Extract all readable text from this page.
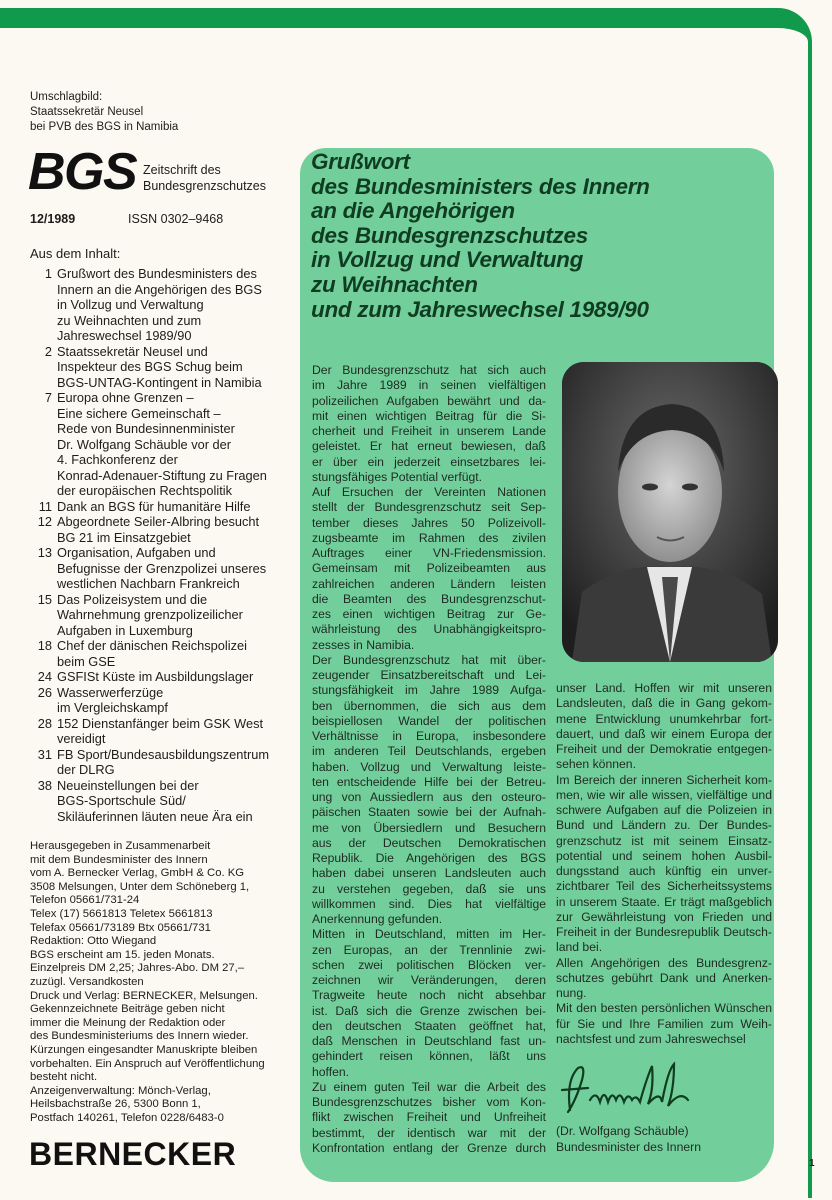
Umschlagbild:
Staatssekretär Neusel
bei PVB des BGS in Namibia
BGS Zeitschrift des
Bundesgrenzschutzes
12/1989	ISSN 0302–9468
Aus dem Inhalt:
1 Grußwort des Bundesministers des
Innern an die Angehörigen des BGS
in Vollzug und Verwaltung
zu Weihnachten und zum
Jahreswechsel 1989/90
2 Staatssekretär Neusel und
Inspekteur des BGS Schug beim
BGS-UNTAG-Kontingent in Namibia
7 Europa ohne Grenzen –
Eine sichere Gemeinschaft –
Rede von Bundesinnenminister
Dr. Wolfgang Schäuble vor der
4. Fachkonferenz der
Konrad-Adenauer-Stiftung zu Fragen
der europäischen Rechtspolitik
11 Dank an BGS für humanitäre Hilfe
12 Abgeordnete Seiler-Albring besucht
BG 21 im Einsatzgebiet
13 Organisation, Aufgaben und
Befugnisse der Grenzpolizei unseres
westlichen Nachbarn Frankreich
15 Das Polizeisystem und die
Wahrnehmung grenzpolizeilicher
Aufgaben in Luxemburg
18 Chef der dänischen Reichspolizei
beim GSE
24 GSFISt Küste im Ausbildungslager
26 Wasserwerferzüge
im Vergleichskampf
28 152 Dienstanfänger beim GSK West
vereidigt
31 FB Sport/Bundesausbildungszentrum
der DLRG
38 Neueinstellungen bei der
BGS-Sportschule Süd/
Skiläuferinnen läuten neue Ära ein
Herausgegeben in Zusammenarbeit
mit dem Bundesminister des Innern
vom A. Bernecker Verlag, GmbH & Co. KG
3508 Melsungen, Unter dem Schöneberg 1,
Telefon 05661/731-24
Telex (17) 5661813 Teletex 5661813
Telefax 05661/73189 Btx 05661/731
Redaktion: Otto Wiegand
BGS erscheint am 15. jeden Monats.
Einzelpreis DM 2,25; Jahres-Abo. DM 27,–
zuzügl. Versandkosten
Druck und Verlag: BERNECKER, Melsungen.
Gekennzeichnete Beiträge geben nicht
immer die Meinung der Redaktion oder
des Bundesministeriums des Innern wieder.
Kürzungen eingesandter Manuskripte bleiben
vorbehalten. Ein Anspruch auf Veröffentlichung
besteht nicht.
Anzeigenverwaltung: Mönch-Verlag,
Heilsbachstraße 26, 5300 Bonn 1,
Postfach 140261, Telefon 0228/6483-0
BERNECKER
Grußwort
des Bundesministers des Innern
an die Angehörigen
des Bundesgrenzschutzes
in Vollzug und Verwaltung
zu Weihnachten
und zum Jahreswechsel 1989/90
Der Bundesgrenzschutz hat sich auch
im Jahre 1989 in seinen vielfältigen
polizeilichen Aufgaben bewährt und da-
mit einen wichtigen Beitrag für die Si-
cherheit und Freiheit in unserem Lande
geleistet. Er hat erneut bewiesen, daß
er über ein jederzeit einsetzbares lei-
stungsfähiges Potential verfügt.
Auf Ersuchen der Vereinten Nationen
stellt der Bundesgrenzschutz seit Sep-
tember dieses Jahres 50 Polizeivoll-
zugsbeamte im Rahmen des zivilen
Auftrages einer VN-Friedensmission.
Gemeinsam mit Polizeibeamten aus
zahlreichen anderen Ländern leisten
die Beamten des Bundesgrenzschut-
zes einen wichtigen Beitrag zur Ge-
währleistung des Unabhängigkeitspro-
zesses in Namibia.
Der Bundesgrenzschutz hat mit über-
zeugender Einsatzbereitschaft und Lei-
stungsfähigkeit im Jahre 1989 Aufga-
ben übernommen, die sich aus dem
beispiellosen Wandel der politischen
Verhältnisse in Europa, insbesondere
im anderen Teil Deutschlands, ergeben
haben. Vollzug und Verwaltung leiste-
ten entscheidende Hilfe bei der Betreu-
ung von Aussiedlern aus den osteuro-
päischen Staaten sowie bei der Aufnah-
me von Übersiedlern und Besuchern
aus der Deutschen Demokratischen
Republik. Die Angehörigen des BGS
haben dabei unseren Landsleuten auch
zu verstehen gegeben, daß sie uns
willkommen sind. Dies hat vielfältige
Anerkennung gefunden.
Mitten in Deutschland, mitten im Her-
zen Europas, an der Trennlinie zwi-
schen zwei politischen Blöcken ver-
zeichnen wir Veränderungen, deren
Tragweite heute noch nicht absehbar
ist. Daß sich die Grenze zwischen bei-
den deutschen Staaten geöffnet hat,
daß Menschen in Deutschland fast un-
gehindert reisen können, läßt uns
hoffen.
Zu einem guten Teil war die Arbeit des
Bundesgrenzschutzes bisher vom Kon-
flikt zwischen Freiheit und Unfreiheit
bestimmt, der identisch war mit der
Konfrontation entlang der Grenze durch
unser Land. Hoffen wir mit unseren
Landsleuten, daß die in Gang gekom-
mene Entwicklung unumkehrbar fort-
dauert, und daß wir einem Europa der
Freiheit und der Demokratie entgegen-
sehen können.
Im Bereich der inneren Sicherheit kom-
men, wie wir alle wissen, vielfältige und
schwere Aufgaben auf die Polizeien in
Bund und Ländern zu. Der Bundes-
grenzschutz ist mit seinem Einsatz-
potential und seinem hohen Ausbil-
dungsstand auch künftig ein unver-
zichtbarer Teil des Sicherheitssystems
in unserem Staate. Er trägt maßgeblich
zur Gewährleistung von Frieden und
Freiheit in der Bundesrepublik Deutsch-
land bei.
Allen Angehörigen des Bundesgrenz-
schutzes gebührt Dank und Anerken-
nung.
Mit den besten persönlichen Wünschen
für Sie und Ihre Familien zum Weih-
nachtsfest und zum Jahreswechsel
(Dr. Wolfgang Schäuble)
Bundesminister des Innern
1
